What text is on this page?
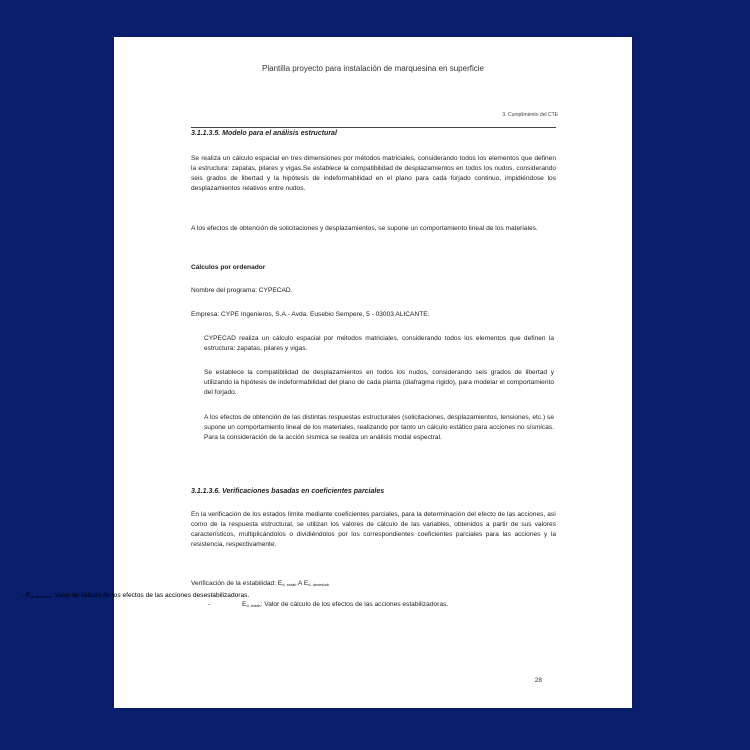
Plantilla proyecto para instalación de marquesina en superficie
3. Cumplimiento del CTE
3.1.1.3.5. Modelo para el análisis estructural
Se realiza un cálculo espacial en tres dimensiones por métodos matriciales, considerando todos los elementos que definen la estructura: zapatas, pilares y vigas.Se establece la compatibilidad de desplazamientos en todos los nudos, considerando seis grados de libertad y la hipótesis de indeformabilidad en el plano para cada forjado continuo, impidiéndose los desplazamientos relativos entre nudos.
A los efectos de obtención de solicitaciones y desplazamientos, se supone un comportamiento lineal de los materiales.
Cálculos por ordenador
Nombre del programa: CYPECAD.
Empresa: CYPE Ingenieros, S.A.- Avda. Eusebio Sempere, 5 - 03003 ALICANTE.
CYPECAD realiza un cálculo espacial por métodos matriciales, considerando todos los elementos que definen la estructura: zapatas, pilares y vigas.
Se establece la compatibilidad de desplazamientos en todos los nudos, considerando seis grados de libertad y utilizando la hipótesis de indeformabilidad del plano de cada planta (diafragma rígido), para modelar el comportamiento del forjado.
A los efectos de obtención de las distintas respuestas estructurales (solicitaciones, desplazamientos, tensiones, etc.) se supone un comportamiento lineal de los materiales, realizando por tanto un cálculo estático para acciones no sísmicas. Para la consideración de la acción sísmica se realiza un análisis modal espectral.
3.1.1.3.6. Verificaciones basadas en coeficientes parciales
En la verificación de los estados límite mediante coeficientes parciales, para la determinación del efecto de las acciones, así como de la respuesta estructural, se utilizan los valores de cálculo de las variables, obtenidos a partir de sus valores característicos, multiplicándolos o dividiéndolos por los correspondientes coeficientes parciales para las acciones y la resistencia, respectivamente.
Verificación de la estabilidad: $E_{d, estab}$ A $E_{d, desestab}$
-	$E_{d, estab}$: Valor de cálculo de los efectos de las acciones estabilizadoras.
28
- $E_{d, desestab}$: Valor de cálculo de los efectos de las acciones desestabilizadoras.
